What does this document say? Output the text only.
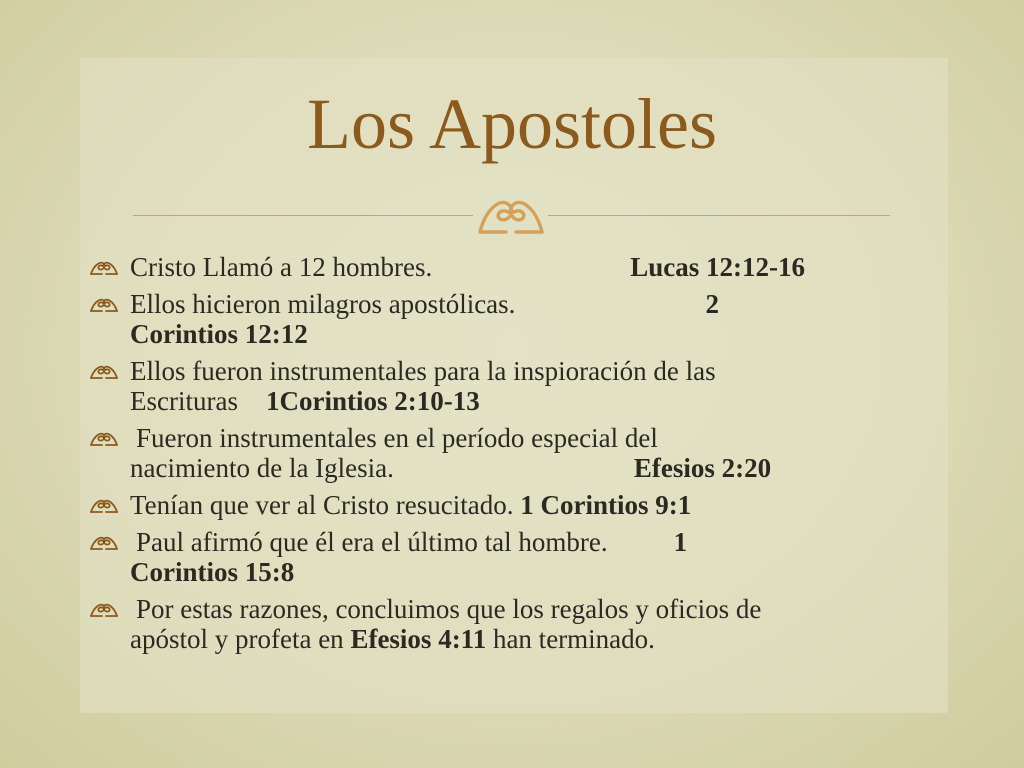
Los Apostoles
Cristo Llamó a 12 hombres.	Lucas 12:12-16
Ellos hicieron milagros apostólicas.	2
Corintios 12:12
Ellos fueron instrumentales para la inspioración de las
Escrituras 1Corintios 2:10-13
Fueron instrumentales en el período especial del
nacimiento de la Iglesia.	Efesios 2:20
Tenían que ver al Cristo resucitado. 1 Corintios 9:1
Paul afirmó que él era el último tal hombre. 1
Corintios 15:8
Por estas razones, concluimos que los regalos y oficios de
apóstol y profeta en Efesios 4:11 han terminado.
